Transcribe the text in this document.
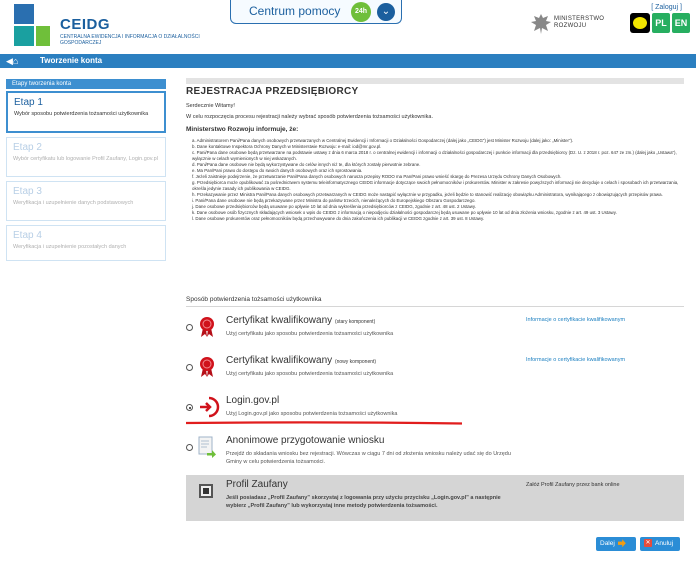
CEIDG
CENTRALNA EWIDENCJA I INFORMACJA O DZIAŁALNOŚCI GOSPODARCZEJ
Centrum pomocy	24h	⌄	[ Zaloguj ]
MINISTERSTWO
ROZWOJU	PL EN
◀⌂	Tworzenie konta
Etapy tworzenia konta
Etap 1
Wybór sposobu potwierdzenia tożsamości użytkownika
Etap 2
Wybór certyfikatu lub logowanie Profil Zaufany, Login.gov.pl
Etap 3
Weryfikacja i uzupełnienie danych podstawowych
Etap 4
Weryfikacja i uzupełnienie pozostałych danych
REJESTRACJA PRZEDSIĘBIORCY
Serdecznie Witamy!
W celu rozpoczęcia procesu rejestracji należy wybrać sposób potwierdzenia tożsamości użytkownika.
Ministerstwo Rozwoju informuje, że:
a. Administratorem Pani/Pana danych osobowych przetwarzanych w Centralnej Ewidencji i Informacji o Działalności Gospodarczej (dalej jako „CEIDG”) jest Minister Rozwoju (dalej jako: „Minister”).
b. Dane kontaktowe Inspektora Ochrony Danych w Ministerstwie Rozwoju: e-mail: iod@mr.gov.pl.
c. Pani/Pana dane osobowe będą przetwarzane na podstawie ustawy z dnia 6 marca 2018 r. o centralnej ewidencji i informacji o działalności gospodarczej i punkcie informacji dla przedsiębiorcy (Dz. U. z 2018 r. poz. 647 ze zm.) (dalej jako „Ustawa”), wyłącznie w celach wymienionych w niej wskazanych.
d. Pani/Pana dane osobowe nie będą wykorzystywane do celów innych niż te, dla których zostały pierwotnie zebrane.
e. Ma Pan/Pani prawo do dostępu do swoich danych osobowych oraz ich sprostowania.
f. Jeżeli zaistnieje podejrzenie, że przetwarzanie Pani/Pana danych osobowych narusza przepisy RODO ma Pan/Pani prawo wnieść skargę do Prezesa Urzędu Ochrony Danych Osobowych.
g. Przedsiębiorca może opublikować za pośrednictwem systemu teleinformatycznego CEIDG informacje dotyczące swoich pełnomocników i prokurentów. Minister w zakresie powyższych informacji nie decyduje o celach i sposobach ich przetwarzania, określa jedynie zasady ich publikowania w CEIDG.
h. Przekazywanie przez Ministra Pani/Pana danych osobowych przetwarzanych w CEIDG może nastąpić wyłącznie w przypadku, jeżeli będzie to stanowić realizację obowiązku Administratora, wynikającego z obowiązujących przepisów prawa.
i. Pani/Pana dane osobowe nie będą przekazywane przez Ministra do państw trzecich, nienależących do Europejskiego Obszaru Gospodarczego.
j. Dane osobowe przedsiębiorców będą usuwane po upływie 10 lat od dnia wykreślenia przedsiębiorców z CEIDG, zgodnie z art. 48 ust. 2 Ustawy.
k. Dane osobowe osób fizycznych składających wniosek o wpis do CEIDG z informacją o niepodjęciu działalności gospodarczej będą usuwane po upływie 10 lat od dnia złożenia wniosku, zgodnie z art. 49 ust. 3 Ustawy.
l. Dane osobowe prokurentów oraz pełnomocników będą przechowywane do dnia zakończenia ich publikacji w CEIDG zgodnie z art. 39 ust. 8 Ustawy.
Sposób potwierdzenia tożsamości użytkownika
Certyfikat kwalifikowany (stary komponent)
Użyj certyfikatu jako sposobu potwierdzenia tożsamości użytkownika
Informacje o certyfikacie kwalifikowanym
Certyfikat kwalifikowany (nowy komponent)
Użyj certyfikatu jako sposobu potwierdzenia tożsamości użytkownika
Informacje o certyfikacie kwalifikowanym
Login.gov.pl
Użyj Login.gov.pl jako sposobu potwierdzenia tożsamości użytkownika
Anonimowe przygotowanie wniosku
Przejdź do składania wniosku bez rejestracji. Wówczas w ciągu 7 dni od złożenia wniosku należy udać się do Urzędu Gminy w celu potwierdzenia tożsamości.
Profil Zaufany
Jeśli posiadasz „Profil Zaufany” skorzystaj z logowania przy użyciu przycisku „Login.gov.pl” a następnie wybierz „Profil Zaufany” lub wykorzystaj inne metody potwierdzenia tożsamości.
Załóż Profil Zaufany przez bank online
Dalej	✕ Anuluj
